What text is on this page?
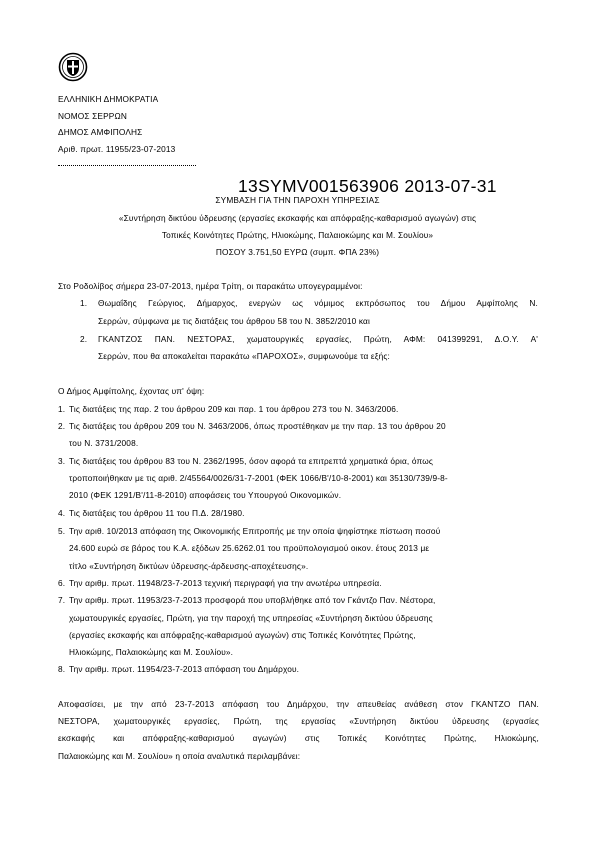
ΕΛΛΗΝΙΚΗ ΔΗΜΟΚΡΑΤΙΑ
ΝΟΜΟΣ ΣΕΡΡΩΝ
ΔΗΜΟΣ ΑΜΦΙΠΟΛΗΣ
Αριθ. πρωτ. 11955/23-07-2013
13SYMV001563906 2013-07-31
ΣΥΜΒΑΣΗ ΓΙΑ ΤΗΝ ΠΑΡΟΧΗ ΥΠΗΡΕΣΙΑΣ
«Συντήρηση δικτύου ύδρευσης (εργασίες εκσκαφής και απόφραξης-καθαρισμού αγωγών) στις
Τοπικές Κοινότητες Πρώτης, Ηλιοκώμης, Παλαιοκώμης και Μ. Σουλίου»
ΠΟΣΟΥ 3.751,50 ΕΥΡΩ (συμπ. ΦΠΑ 23%)
Στο Ροδολίβος σήμερα 23-07-2013, ημέρα Τρίτη, οι παρακάτω υπογεγραμμένοι:
1. Θωμαΐδης Γεώργιος, Δήμαρχος, ενεργών ως νόμιμος εκπρόσωπος του Δήμου Αμφίπολης Ν.
Σερρών, σύμφωνα με τις διατάξεις του άρθρου 58 του Ν. 3852/2010 και
2. ΓΚΑΝΤΖΟΣ ΠΑΝ. ΝΕΣΤΟΡΑΣ, χωματουργικές εργασίες, Πρώτη, ΑΦΜ: 041399291, Δ.Ο.Υ. Α'
Σερρών, που θα αποκαλείται παρακάτω «ΠΑΡΟΧΟΣ», συμφωνούμε τα εξής:
Ο Δήμος Αμφίπολης, έχοντας υπ' όψη:
1. Τις διατάξεις της παρ. 2 του άρθρου 209 και παρ. 1 του άρθρου 273 του Ν. 3463/2006.
2. Τις διατάξεις του άρθρου 209 του Ν. 3463/2006, όπως προστέθηκαν με την παρ. 13 του άρθρου 20
του Ν. 3731/2008.
3. Τις διατάξεις του άρθρου 83 του Ν. 2362/1995, όσον αφορά τα επιτρεπτά χρηματικά όρια, όπως
τροποποιήθηκαν με τις αριθ. 2/45564/0026/31-7-2001 (ΦΕΚ 1066/Β'/10-8-2001) και 35130/739/9-8-
2010 (ΦΕΚ 1291/Β'/11-8-2010) αποφάσεις του Υπουργού Οικονομικών.
4. Τις διατάξεις του άρθρου 11 του Π.Δ. 28/1980.
5. Την αριθ. 10/2013 απόφαση της Οικονομικής Επιτροπής με την οποία ψηφίστηκε πίστωση ποσού
24.600 ευρώ σε βάρος του Κ.Α. εξόδων 25.6262.01 του προϋπολογισμού οικον. έτους 2013 με
τίτλο «Συντήρηση δικτύων ύδρευσης-άρδευσης-αποχέτευσης».
6. Την αριθμ. πρωτ. 11948/23-7-2013 τεχνική περιγραφή για την ανωτέρω υπηρεσία.
7. Την αριθμ. πρωτ. 11953/23-7-2013 προσφορά που υποβλήθηκε από τον Γκάντζο Παν. Νέστορα,
χωματουργικές εργασίες, Πρώτη, για την παροχή της υπηρεσίας «Συντήρηση δικτύου ύδρευσης
(εργασίες εκσκαφής και απόφραξης-καθαρισμού αγωγών) στις Τοπικές Κοινότητες Πρώτης,
Ηλιοκώμης, Παλαιοκώμης και Μ. Σουλίου».
8. Την αριθμ. πρωτ. 11954/23-7-2013 απόφαση του Δημάρχου.
Αποφασίσει, με την από 23-7-2013 απόφαση του Δημάρχου, την απευθείας ανάθεση στον ΓΚΑΝΤΖΟ ΠΑΝ.
ΝΕΣΤΟΡΑ, χωματουργικές εργασίες, Πρώτη, της εργασίας «Συντήρηση δικτύου ύδρευσης (εργασίες
εκσκαφής και απόφραξης-καθαρισμού αγωγών) στις Τοπικές Κοινότητες Πρώτης, Ηλιοκώμης,
Παλαιοκώμης και Μ. Σουλίου» η οποία αναλυτικά περιλαμβάνει:
